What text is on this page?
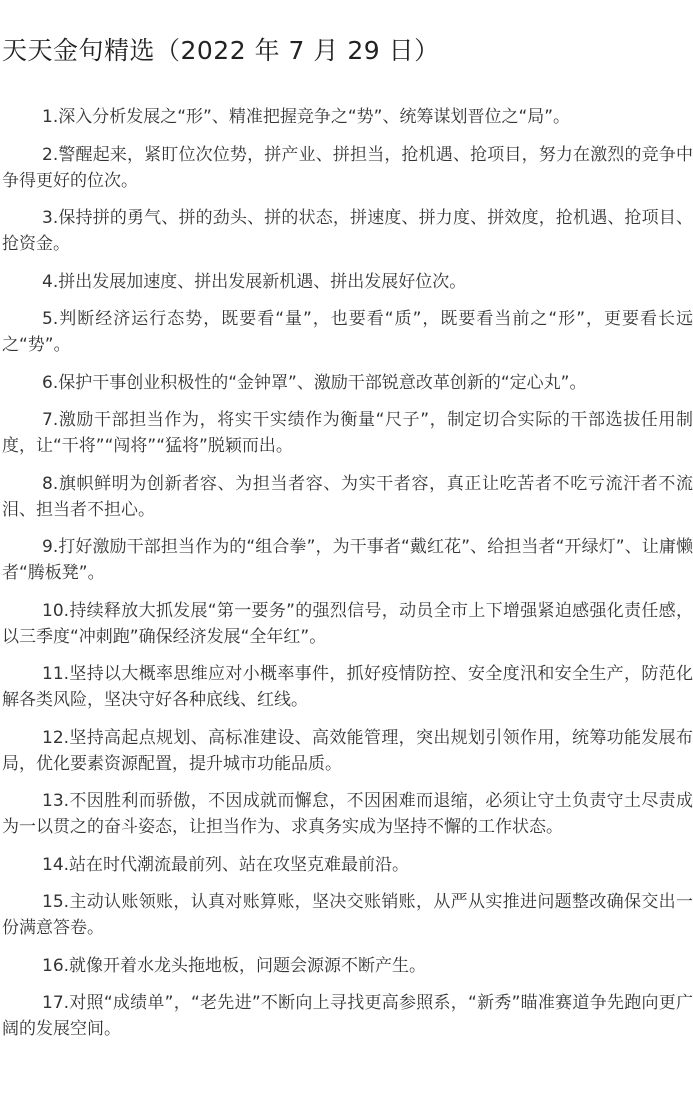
天天金句精选（2022 年 7 月 29 日）
1.深入分析发展之“形”、精准把握竞争之“势”、统筹谋划晋位之“局”。
2.警醒起来，紧盯位次位势，拼产业、拼担当，抢机遇、抢项目，努力在激烈的竞争中争得更好的位次。
3.保持拼的勇气、拼的劲头、拼的状态，拼速度、拼力度、拼效度，抢机遇、抢项目、抢资金。
4.拼出发展加速度、拼出发展新机遇、拼出发展好位次。
5.判断经济运行态势，既要看“量”，也要看“质”，既要看当前之“形”，更要看长远之“势”。
6.保护干事创业积极性的“金钟罩”、激励干部锐意改革创新的“定心丸”。
7.激励干部担当作为，将实干实绩作为衡量“尺子”，制定切合实际的干部选拔任用制度，让“干将”“闯将”“猛将”脱颖而出。
8.旗帜鲜明为创新者容、为担当者容、为实干者容，真正让吃苦者不吃亏流汗者不流泪、担当者不担心。
9.打好激励干部担当作为的“组合拳”，为干事者“戴红花”、给担当者“开绿灯”、让庸懒者“腾板凳”。
10.持续释放大抓发展“第一要务”的强烈信号，动员全市上下增强紧迫感强化责任感，以三季度“冲刺跑”确保经济发展“全年红”。
11.坚持以大概率思维应对小概率事件，抓好疫情防控、安全度汛和安全生产，防范化解各类风险，坚决守好各种底线、红线。
12.坚持高起点规划、高标准建设、高效能管理，突出规划引领作用，统筹功能发展布局，优化要素资源配置，提升城市功能品质。
13.不因胜利而骄傲，不因成就而懈怠，不因困难而退缩，必须让守土负责守土尽责成为一以贯之的奋斗姿态，让担当作为、求真务实成为坚持不懈的工作状态。
14.站在时代潮流最前列、站在攻坚克难最前沿。
15.主动认账领账，认真对账算账，坚决交账销账，从严从实推进问题整改确保交出一份满意答卷。
16.就像开着水龙头拖地板，问题会源源不断产生。
17.对照“成绩单”，“老先进”不断向上寻找更高参照系，“新秀”瞄准赛道争先跑向更广阔的发展空间。
